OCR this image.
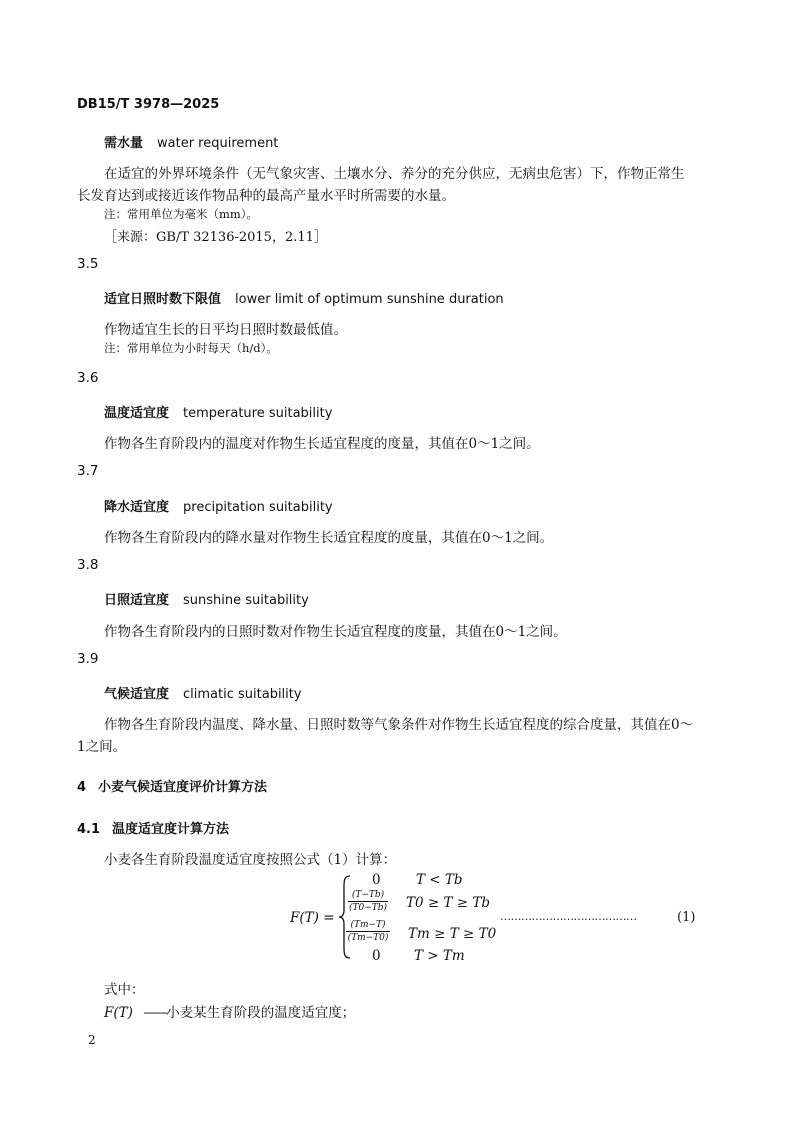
DB15/T 3978—2025
需水量 water requirement
在适宜的外界环境条件（无气象灾害、土壤水分、养分的充分供应，无病虫危害）下，作物正常生
长发育达到或接近该作物品种的最高产量水平时所需要的水量。
注：常用单位为毫米（mm）。
［来源：GB/T 32136-2015，2.11］
3.5
适宜日照时数下限值 lower limit of optimum sunshine duration
作物适宜生长的日平均日照时数最低值。
注：常用单位为小时每天（h/d）。
3.6
温度适宜度 temperature suitability
作物各生育阶段内的温度对作物生长适宜程度的度量，其值在0～1之间。
3.7
降水适宜度 precipitation suitability
作物各生育阶段内的降水量对作物生长适宜程度的度量，其值在0～1之间。
3.8
日照适宜度 sunshine suitability
作物各生育阶段内的日照时数对作物生长适宜程度的度量，其值在0～1之间。
3.9
气候适宜度 climatic suitability
作物各生育阶段内温度、降水量、日照时数等气象条件对作物生长适宜程度的综合度量，其值在0～
1之间。
4 小麦气候适宜度评价计算方法
4.1 温度适宜度计算方法
小麦各生育阶段温度适宜度按照公式（1）计算：
F(T) =
0	T < Tb
$\frac{(T-Tb)}{(T0-Tb)} T0 \ge T \ge Tb$
$\frac{(Tm-T)}{(Tm-T0)}$ Tm ≥ T ≥ T0
0 T > Tm
…………………………………	(1)
式中：
F(T) ——小麦某生育阶段的温度适宜度；
2
